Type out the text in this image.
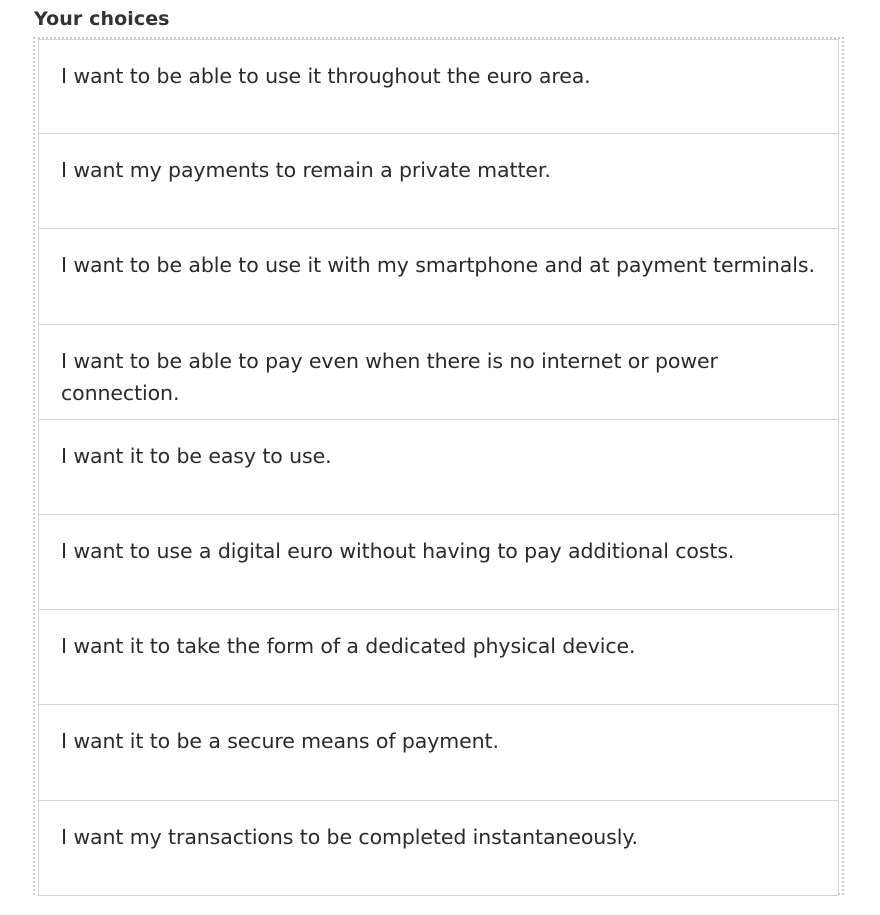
Your choices
I want to be able to use it throughout the euro area.
I want my payments to remain a private matter.
I want to be able to use it with my smartphone and at payment terminals.
I want to be able to pay even when there is no internet or power connection.
I want it to be easy to use.
I want to use a digital euro without having to pay additional costs.
I want it to take the form of a dedicated physical device.
I want it to be a secure means of payment.
I want my transactions to be completed instantaneously.
